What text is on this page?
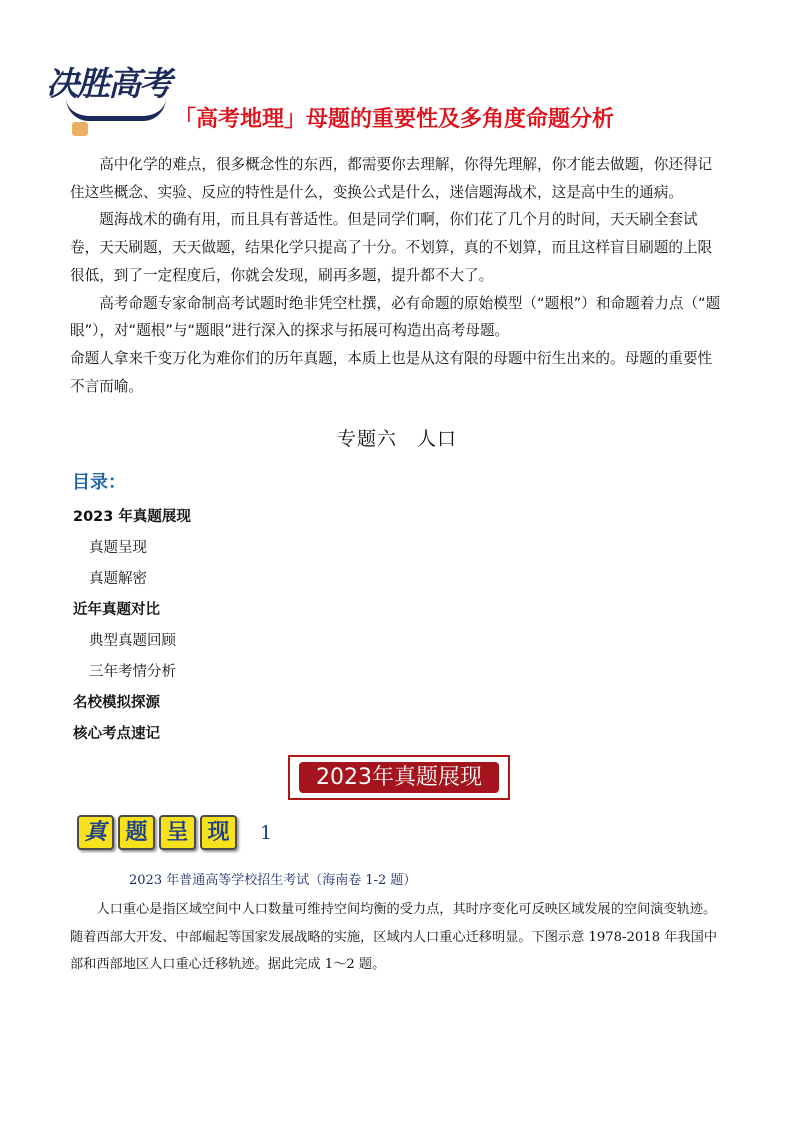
决胜高考
「高考地理」母题的重要性及多角度命题分析

高中化学的难点，很多概念性的东西，都需要你去理解，你得先理解，你才能去做题，你还得记住这些概念、实验、反应的特性是什么，变换公式是什么，迷信题海战术，这是高中生的通病。

题海战术的确有用，而且具有普适性。但是同学们啊，你们花了几个月的时间，天天刷全套试卷，天天刷题，天天做题，结果化学只提高了十分。不划算，真的不划算，而且这样盲目刷题的上限很低，到了一定程度后，你就会发现，刷再多题，提升都不大了。

高考命题专家命制高考试题时绝非凭空杜撰，必有命题的原始模型（“题根”）和命题着力点（“题眼”），对“题根”与“题眼”进行深入的探求与拓展可构造出高考母题。

命题人拿来千变万化为难你们的历年真题，本质上也是从这有限的母题中衍生出来的。母题的重要性不言而喻。

专题六　人口
目录：
2023 年真题展现
真题呈现
真题解密
近年真题对比
典型真题回顾
三年考情分析
名校模拟探源
核心考点速记
2023年真题展现
真 题 呈 现	1
2023 年普通高等学校招生考试（海南卷 1-2 题）

人口重心是指区域空间中人口数量可维持空间均衡的受力点，其时序变化可反映区域发展的空间演变轨迹。随着西部大开发、中部崛起等国家发展战略的实施，区域内人口重心迁移明显。下图示意 1978-2018 年我国中部和西部地区人口重心迁移轨迹。据此完成 1～2 题。
